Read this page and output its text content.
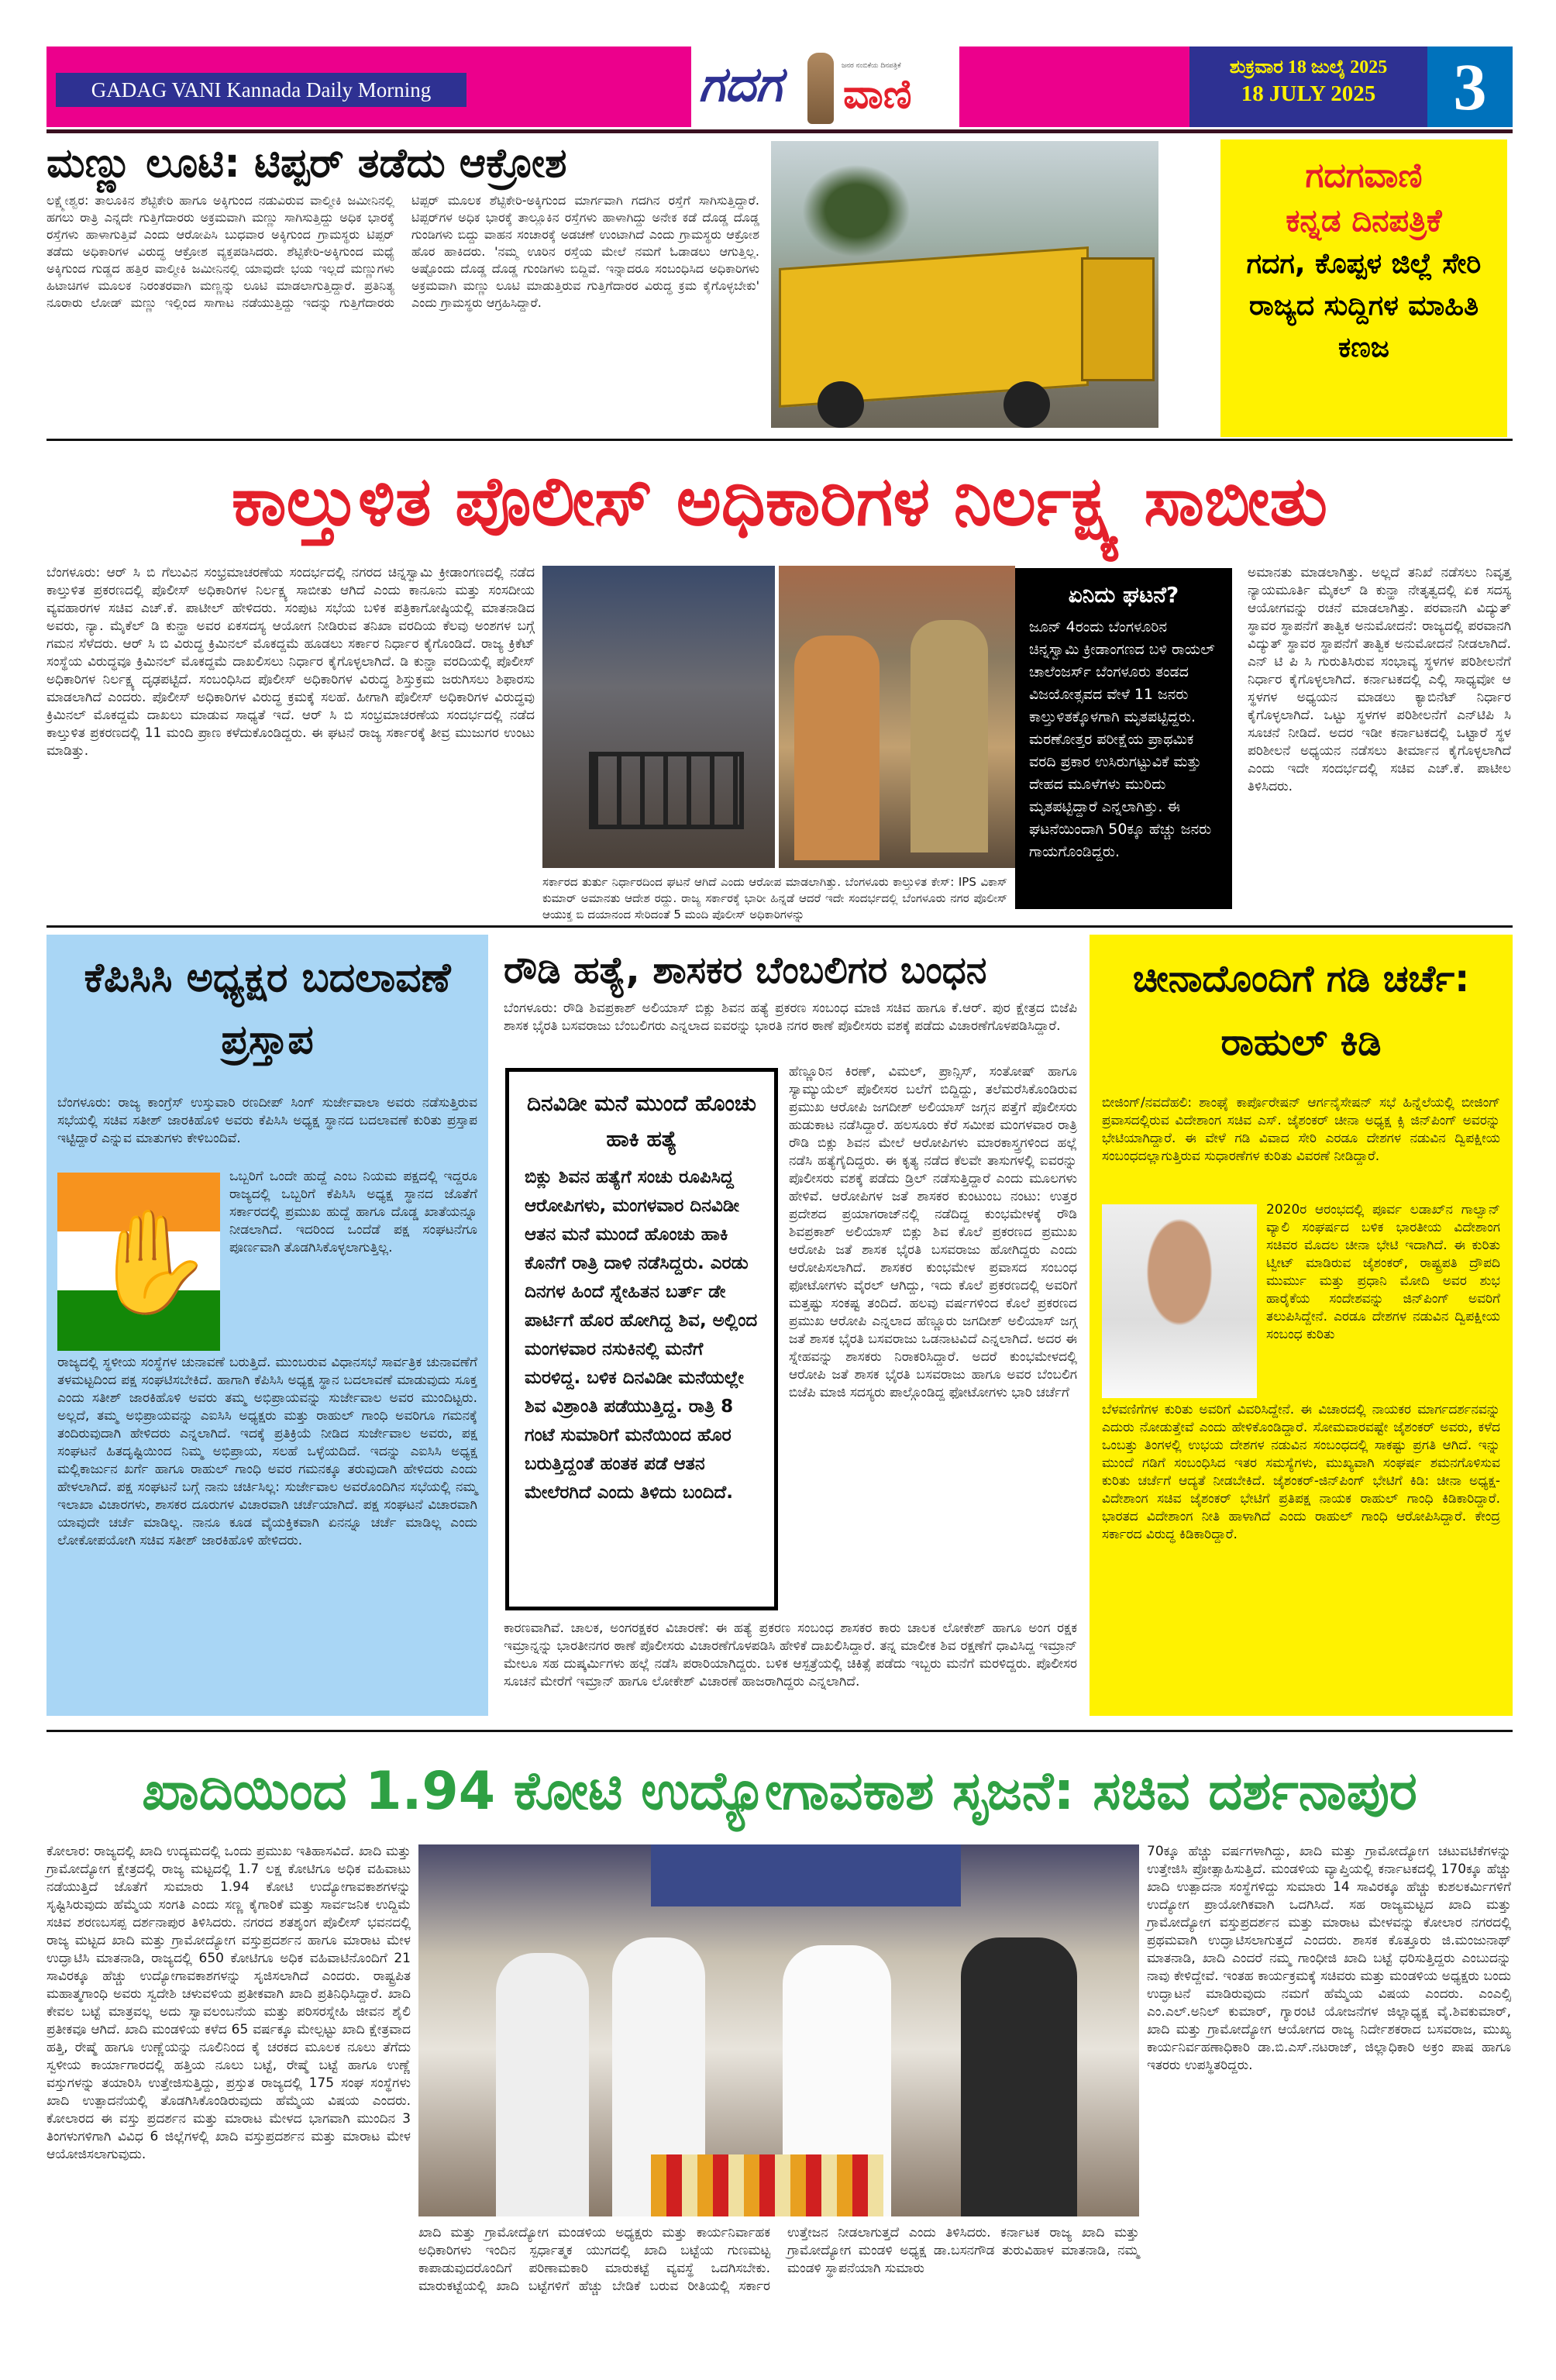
GADAG VANI Kannada Daily Morning	ಗದಗ	ಜನರ ನಂಬಿಕೆಯ ದಿನಪತ್ರಿಕೆ
ವಾಣಿ
ಶುಕ್ರವಾರ 18 ಜುಲೈ 2025
18 JULY 2025	3
ಮಣ್ಣು ಲೂಟಿ: ಟಿಪ್ಪರ್ ತಡೆದು ಆಕ್ರೋಶ
ಲಕ್ಷ್ಮೇಶ್ವರ: ತಾಲೂಕಿನ ಶೆಟ್ಟಿಕೇರಿ ಹಾಗೂ ಅಕ್ಕಿಗುಂದ ನಡುವಿರುವ ವಾಲ್ಮೀಕಿ ಜಮೀನಿನಲ್ಲಿ ಹಗಲು ರಾತ್ರಿ ಎನ್ನದೇ ಗುತ್ತಿಗೆದಾರರು ಅಕ್ರಮವಾಗಿ ಮಣ್ಣು ಸಾಗಿಸುತ್ತಿದ್ದು ಅಧಿಕ ಭಾರಕ್ಕೆ ರಸ್ತೆಗಳು ಹಾಳಾಗುತ್ತಿವೆ ಎಂದು ಆರೋಪಿಸಿ ಬುಧವಾರ ಅಕ್ಕಿಗುಂದ ಗ್ರಾಮಸ್ಥರು ಟಿಪ್ಪರ್ ತಡೆದು ಅಧಿಕಾರಿಗಳ ವಿರುದ್ಧ ಆಕ್ರೋಶ ವ್ಯಕ್ತಪಡಿಸಿದರು. ಶೆಟ್ಟಿಕೇರಿ-ಅಕ್ಕಿಗುಂದ ಮಧ್ಯೆ ಅಕ್ಕಿಗುಂದ ಗುಡ್ಡದ ಹತ್ತಿರ ವಾಲ್ಮೀಕಿ ಜಮೀನಿನಲ್ಲಿ ಯಾವುದೇ ಭಯ ಇಲ್ಲದೆ ಮಣ್ಣುಗಳು ಹಿಟಾಚಿಗಳ ಮೂಲಕ ನಿರಂತರವಾಗಿ ಮಣ್ಣನ್ನು ಲೂಟಿ ಮಾಡಲಾಗುತ್ತಿದ್ದಾರೆ. ಪ್ರತಿನಿತ್ಯ ನೂರಾರು ಲೋಡ್ ಮಣ್ಣು ಇಲ್ಲಿಂದ ಸಾಗಾಟ ನಡೆಯುತ್ತಿದ್ದು ಇದನ್ನು ಗುತ್ತಿಗೆದಾರರು ಟಿಪ್ಪರ್ ಮೂಲಕ ಶೆಟ್ಟಿಕೇರಿ-ಅಕ್ಕಿಗುಂದ ಮಾರ್ಗವಾಗಿ ಗದಗಿನ ರಸ್ತೆಗೆ ಸಾಗಿಸುತ್ತಿದ್ದಾರೆ. ಟಿಪ್ಪರ್‌ಗಳ ಅಧಿಕ ಭಾರಕ್ಕೆ ತಾಲ್ಲೂಕಿನ ರಸ್ತೆಗಳು ಹಾಳಾಗಿದ್ದು ಅನೇಕ ಕಡೆ ದೊಡ್ಡ ದೊಡ್ಡ ಗುಂಡಿಗಳು ಬಿದ್ದು ವಾಹನ ಸಂಚಾರಕ್ಕೆ ಅಡಚಣೆ ಉಂಟಾಗಿದೆ ಎಂದು ಗ್ರಾಮಸ್ಥರು ಆಕ್ರೋಶ ಹೊರ ಹಾಕಿದರು. 'ನಮ್ಮ ಊರಿನ ರಸ್ತೆಯ ಮೇಲೆ ನಮಗೆ ಓಡಾಡಲು ಆಗುತ್ತಿಲ್ಲ. ಅಷ್ಟೊಂದು ದೊಡ್ಡ ದೊಡ್ಡ ಗುಂಡಿಗಳು ಬಿದ್ದಿವೆ. ಇನ್ನಾದರೂ ಸಂಬಂಧಿಸಿದ ಅಧಿಕಾರಿಗಳು ಅಕ್ರಮವಾಗಿ ಮಣ್ಣು ಲೂಟಿ ಮಾಡುತ್ತಿರುವ ಗುತ್ತಿಗೆದಾರರ ವಿರುದ್ಧ ಕ್ರಮ ಕೈಗೊಳ್ಳಬೇಕು' ಎಂದು ಗ್ರಾಮಸ್ಥರು ಆಗ್ರಹಿಸಿದ್ದಾರೆ.
ಗದಗವಾಣಿ
ಕನ್ನಡ ದಿನಪತ್ರಿಕೆ
ಗದಗ, ಕೊಪ್ಪಳ ಜಿಲ್ಲೆ ಸೇರಿ ರಾಜ್ಯದ ಸುದ್ದಿಗಳ ಮಾಹಿತಿ ಕಣಜ
ಕಾಲ್ತುಳಿತ ಪೊಲೀಸ್ ಅಧಿಕಾರಿಗಳ ನಿರ್ಲಕ್ಷ್ಯ ಸಾಬೀತು
ಬೆಂಗಳೂರು: ಆರ್ ಸಿ ಬಿ ಗೆಲುವಿನ ಸಂಭ್ರಮಾಚರಣೆಯ ಸಂದರ್ಭದಲ್ಲಿ ನಗರದ ಚಿನ್ನಸ್ವಾಮಿ ಕ್ರೀಡಾಂಗಣದಲ್ಲಿ ನಡೆದ ಕಾಲ್ತುಳಿತ ಪ್ರಕರಣದಲ್ಲಿ ಪೊಲೀಸ್ ಅಧಿಕಾರಿಗಳ ನಿರ್ಲಕ್ಷ್ಯ ಸಾಬೀತು ಆಗಿದೆ ಎಂದು ಕಾನೂನು ಮತ್ತು ಸಂಸದೀಯ ವ್ಯವಹಾರಗಳ ಸಚಿವ ಎಚ್.ಕೆ. ಪಾಟೀಲ್ ಹೇಳಿದರು. ಸಂಪುಟ ಸಭೆಯ ಬಳಿಕ ಪತ್ರಿಕಾಗೋಷ್ಠಿಯಲ್ಲಿ ಮಾತನಾಡಿದ ಅವರು, ನ್ಯಾ. ಮೈಕೆಲ್ ಡಿ ಕುನ್ಹಾ ಅವರ ಏಕಸದಸ್ಯ ಆಯೋಗ ನೀಡಿರುವ ತನಿಖಾ ವರದಿಯ ಕೆಲವು ಅಂಶಗಳ ಬಗ್ಗೆ ಗಮನ ಸೆಳೆದರು. ಆರ್ ಸಿ ಬಿ ವಿರುದ್ಧ ಕ್ರಿಮಿನಲ್ ಮೊಕದ್ದಮೆ ಹೂಡಲು ಸರ್ಕಾರ ನಿರ್ಧಾರ ಕೈಗೊಂಡಿದೆ. ರಾಜ್ಯ ಕ್ರಿಕೆಟ್ ಸಂಸ್ಥೆಯ ವಿರುದ್ಧವೂ ಕ್ರಿಮಿನಲ್ ಮೊಕದ್ದಮೆ ದಾಖಲಿಸಲು ನಿರ್ಧಾರ ಕೈಗೊಳ್ಳಲಾಗಿದೆ. ಡಿ ಕುನ್ಹಾ ವರದಿಯಲ್ಲಿ ಪೊಲೀಸ್ ಅಧಿಕಾರಿಗಳ ನಿರ್ಲಕ್ಷ್ಯ ದೃಢಪಟ್ಟಿದೆ. ಸಂಬಂಧಿಸಿದ ಪೊಲೀಸ್ ಅಧಿಕಾರಿಗಳ ವಿರುದ್ಧ ಶಿಸ್ತುಕ್ರಮ ಜರುಗಿಸಲು ಶಿಫಾರಸು ಮಾಡಲಾಗಿದೆ ಎಂದರು. ಪೊಲೀಸ್ ಅಧಿಕಾರಿಗಳ ವಿರುದ್ಧ ಕ್ರಮಕ್ಕೆ ಸಲಹೆ. ಹೀಗಾಗಿ ಪೊಲೀಸ್ ಅಧಿಕಾರಿಗಳ ವಿರುದ್ಧವು ಕ್ರಿಮಿನಲ್ ಮೊಕದ್ದಮೆ ದಾಖಲು ಮಾಡುವ ಸಾಧ್ಯತೆ ಇದೆ. ಆರ್ ಸಿ ಬಿ ಸಂಭ್ರಮಾಚರಣೆಯ ಸಂದರ್ಭದಲ್ಲಿ ನಡೆದ ಕಾಲ್ತುಳಿತ ಪ್ರಕರಣದಲ್ಲಿ 11 ಮಂದಿ ಪ್ರಾಣ ಕಳೆದುಕೊಂಡಿದ್ದರು. ಈ ಘಟನೆ ರಾಜ್ಯ ಸರ್ಕಾರಕ್ಕೆ ತೀವ್ರ ಮುಜುಗರ ಉಂಟು ಮಾಡಿತ್ತು.
ಸರ್ಕಾರದ ತುರ್ತು ನಿರ್ಧಾರದಿಂದ ಘಟನೆ ಆಗಿದೆ ಎಂದು ಆರೋಪ ಮಾಡಲಾಗಿತ್ತು. ಬೆಂಗಳೂರು ಕಾಲ್ತುಳಿತ ಕೇಸ್: IPS ವಿಕಾಸ್ ಕುಮಾರ್ ಅಮಾನತು ಆದೇಶ ರದ್ದು. ರಾಜ್ಯ ಸರ್ಕಾರಕ್ಕೆ ಭಾರೀ ಹಿನ್ನಡೆ ಆದರೆ ಇದೇ ಸಂದರ್ಭದಲ್ಲಿ ಬೆಂಗಳೂರು ನಗರ ಪೊಲೀಸ್ ಆಯುಕ್ತ ಬಿ ದಯಾನಂದ ಸೇರಿದಂತೆ 5 ಮಂದಿ ಪೊಲೀಸ್ ಅಧಿಕಾರಿಗಳನ್ನು
ಏನಿದು ಘಟನೆ?
ಜೂನ್ 4ರಂದು ಬೆಂಗಳೂರಿನ ಚಿನ್ನಸ್ವಾಮಿ ಕ್ರೀಡಾಂಗಣದ ಬಳಿ ರಾಯಲ್ ಚಾಲೆಂಜರ್ಸ್ ಬೆಂಗಳೂರು ತಂಡದ ವಿಜಯೋತ್ಸವದ ವೇಳೆ 11 ಜನರು ಕಾಲ್ತುಳಿತಕ್ಕೊಳಗಾಗಿ ಮೃತಪಟ್ಟಿದ್ದರು. ಮರಣೋತ್ತರ ಪರೀಕ್ಷೆಯ ಪ್ರಾಥಮಿಕ ವರದಿ ಪ್ರಕಾರ ಉಸಿರುಗಟ್ಟುವಿಕೆ ಮತ್ತು ದೇಹದ ಮೂಳೆಗಳು ಮುರಿದು ಮೃತಪಟ್ಟಿದ್ದಾರೆ ಎನ್ನಲಾಗಿತ್ತು. ಈ ಘಟನೆಯಿಂದಾಗಿ 50ಕ್ಕೂ ಹೆಚ್ಚು ಜನರು ಗಾಯಗೊಂಡಿದ್ದರು.
ಅಮಾನತು ಮಾಡಲಾಗಿತ್ತು. ಅಲ್ಲದೆ ತನಿಖೆ ನಡೆಸಲು ನಿವೃತ್ತ ನ್ಯಾಯಮೂರ್ತಿ ಮೈಕಲ್ ಡಿ ಕುನ್ಹಾ ನೇತೃತ್ವದಲ್ಲಿ ಏಕ ಸದಸ್ಯ ಆಯೋಗವನ್ನು ರಚನೆ ಮಾಡಲಾಗಿತ್ತು. ಪರವಾನಗಿ ವಿದ್ಯುತ್ ಸ್ಥಾವರ ಸ್ಥಾಪನೆಗೆ ತಾತ್ವಿಕ ಅನುಮೋದನೆ: ರಾಜ್ಯದಲ್ಲಿ ಪರವಾನಗಿ ವಿದ್ಯುತ್ ಸ್ಥಾವರ ಸ್ಥಾಪನೆಗೆ ತಾತ್ವಿಕ ಅನುಮೋದನೆ ನೀಡಲಾಗಿದೆ. ಎನ್ ಟಿ ಪಿ ಸಿ ಗುರುತಿಸಿರುವ ಸಂಭಾವ್ಯ ಸ್ಥಳಗಳ ಪರಿಶೀಲನೆಗೆ ನಿರ್ಧಾರ ಕೈಗೊಳ್ಳಲಾಗಿದೆ. ಕರ್ನಾಟಕದಲ್ಲಿ ಎಲ್ಲಿ ಸಾಧ್ಯವೋ ಆ ಸ್ಥಳಗಳ ಅಧ್ಯಯನ ಮಾಡಲು ಕ್ಯಾಬಿನೆಟ್ ನಿರ್ಧಾರ ಕೈಗೊಳ್ಳಲಾಗಿದೆ. ಒಟ್ಟು ಸ್ಥಳಗಳ ಪರಿಶೀಲನೆಗೆ ಎನ್‌ಟಿಪಿ ಸಿ ಸೂಚನೆ ನೀಡಿದೆ. ಅದರ ಇಡೀ ಕರ್ನಾಟಕದಲ್ಲಿ ಒಟ್ಟಾರೆ ಸ್ಥಳ ಪರಿಶೀಲನೆ ಅಧ್ಯಯನ ನಡೆಸಲು ತೀರ್ಮಾನ ಕೈಗೊಳ್ಳಲಾಗಿದೆ ಎಂದು ಇದೇ ಸಂದರ್ಭದಲ್ಲಿ ಸಚಿವ ಎಚ್.ಕೆ. ಪಾಟೀಲ ತಿಳಿಸಿದರು.
ಕೆಪಿಸಿಸಿ ಅಧ್ಯಕ್ಷರ ಬದಲಾವಣೆ ಪ್ರಸ್ತಾಪ
ಬೆಂಗಳೂರು: ರಾಜ್ಯ ಕಾಂಗ್ರೆಸ್ ಉಸ್ತುವಾರಿ ರಣದೀಪ್ ಸಿಂಗ್ ಸುರ್ಜೇವಾಲಾ ಅವರು ನಡೆಸುತ್ತಿರುವ ಸಭೆಯಲ್ಲಿ ಸಚಿವ ಸತೀಶ್ ಜಾರಕಿಹೊಳಿ ಅವರು ಕೆಪಿಸಿಸಿ ಅಧ್ಯಕ್ಷ ಸ್ಥಾನದ ಬದಲಾವಣೆ ಕುರಿತು ಪ್ರಸ್ತಾಪ ಇಟ್ಟಿದ್ದಾರೆ ಎನ್ನುವ ಮಾತುಗಳು ಕೇಳಿಬಂದಿವೆ.
✋
ಒಬ್ಬರಿಗೆ ಒಂದೇ ಹುದ್ದೆ ಎಂಬ ನಿಯಮ ಪಕ್ಷದಲ್ಲಿ ಇದ್ದರೂ ರಾಜ್ಯದಲ್ಲಿ ಒಬ್ಬರಿಗೆ ಕೆಪಿಸಿಸಿ ಅಧ್ಯಕ್ಷ ಸ್ಥಾನದ ಜೊತೆಗೆ ಸರ್ಕಾರದಲ್ಲಿ ಪ್ರಮುಖ ಹುದ್ದೆ ಹಾಗೂ ದೊಡ್ಡ ಖಾತೆಯನ್ನೂ ನೀಡಲಾಗಿದೆ. ಇದರಿಂದ ಒಂದೆಡೆ ಪಕ್ಷ ಸಂಘಟನೆಗೂ ಪೂರ್ಣವಾಗಿ ತೊಡಗಿಸಿಕೊಳ್ಳಲಾಗುತ್ತಿಲ್ಲ.
ರಾಜ್ಯದಲ್ಲಿ ಸ್ಥಳೀಯ ಸಂಸ್ಥೆಗಳ ಚುನಾವಣೆ ಬರುತ್ತಿದೆ. ಮುಂಬರುವ ವಿಧಾನಸಭೆ ಸಾರ್ವತ್ರಿಕ ಚುನಾವಣೆಗೆ ತಳಮಟ್ಟದಿಂದ ಪಕ್ಷ ಸಂಘಟಿಸಬೇಕಿದೆ. ಹಾಗಾಗಿ ಕೆಪಿಸಿಸಿ ಅಧ್ಯಕ್ಷ ಸ್ಥಾನ ಬದಲಾವಣೆ ಮಾಡುವುದು ಸೂಕ್ತ ಎಂದು ಸತೀಶ್ ಜಾರಕಿಹೊಳಿ ಅವರು ತಮ್ಮ ಅಭಿಪ್ರಾಯವನ್ನು ಸುರ್ಜೇವಾಲ ಅವರ ಮುಂದಿಟ್ಟರು. ಅಲ್ಲದೆ, ತಮ್ಮ ಅಭಿಪ್ರಾಯವನ್ನು ಎಐಸಿಸಿ ಅಧ್ಯಕ್ಷರು ಮತ್ತು ರಾಹುಲ್ ಗಾಂಧಿ ಅವರಿಗೂ ಗಮನಕ್ಕೆ ತಂದಿರುವುದಾಗಿ ಹೇಳಿದರು ಎನ್ನಲಾಗಿದೆ. ಇದಕ್ಕೆ ಪ್ರತಿಕ್ರಿಯೆ ನೀಡಿದ ಸುರ್ಜೇವಾಲ ಅವರು, ಪಕ್ಷ ಸಂಘಟನೆ ಹಿತದೃಷ್ಟಿಯಿಂದ ನಿಮ್ಮ ಅಭಿಪ್ರಾಯ, ಸಲಹೆ ಒಳ್ಳೆಯದಿದೆ. ಇದನ್ನು ಎಐಸಿಸಿ ಅಧ್ಯಕ್ಷ ಮಲ್ಲಿಕಾರ್ಜುನ ಖರ್ಗೆ ಹಾಗೂ ರಾಹುಲ್ ಗಾಂಧಿ ಅವರ ಗಮನಕ್ಕೂ ತರುವುದಾಗಿ ಹೇಳಿದರು ಎಂದು ಹೇಳಲಾಗಿದೆ. ಪಕ್ಷ ಸಂಘಟನೆ ಬಗ್ಗೆ ನಾನು ಚರ್ಚಿಸಿಲ್ಲ: ಸುರ್ಜೇವಾಲ ಅವರೊಂದಿಗಿನ ಸಭೆಯಲ್ಲಿ ನಮ್ಮ ಇಲಾಖಾ ವಿಚಾರಗಳು, ಶಾಸಕರ ದೂರುಗಳ ವಿಚಾರವಾಗಿ ಚರ್ಚೆಯಾಗಿದೆ. ಪಕ್ಷ ಸಂಘಟನೆ ವಿಚಾರವಾಗಿ ಯಾವುದೇ ಚರ್ಚೆ ಮಾಡಿಲ್ಲ. ನಾನೂ ಕೂಡ ವೈಯಕ್ತಿಕವಾಗಿ ಏನನ್ನೂ ಚರ್ಚೆ ಮಾಡಿಲ್ಲ ಎಂದು ಲೋಕೋಪಯೋಗಿ ಸಚಿವ ಸತೀಶ್ ಜಾರಕಿಹೊಳಿ ಹೇಳಿದರು.
ರೌಡಿ ಹತ್ಯೆ, ಶಾಸಕರ ಬೆಂಬಲಿಗರ ಬಂಧನ
ಬೆಂಗಳೂರು: ರೌಡಿ ಶಿವಪ್ರಕಾಶ್ ಅಲಿಯಾಸ್ ಬಿಕ್ಲು ಶಿವನ ಹತ್ಯೆ ಪ್ರಕರಣ ಸಂಬಂಧ ಮಾಜಿ ಸಚಿವ ಹಾಗೂ ಕೆ.ಆರ್. ಪುರ ಕ್ಷೇತ್ರದ ಬಿಜೆಪಿ ಶಾಸಕ ಭೈರತಿ ಬಸವರಾಜು ಬೆಂಬಲಿಗರು ಎನ್ನಲಾದ ಐವರನ್ನು ಭಾರತಿ ನಗರ ಠಾಣೆ ಪೊಲೀಸರು ವಶಕ್ಕೆ ಪಡೆದು ವಿಚಾರಣೆಗೊಳಪಡಿಸಿದ್ದಾರೆ.
ದಿನವಿಡೀ ಮನೆ ಮುಂದೆ ಹೊಂಚು ಹಾಕಿ ಹತ್ಯೆ
ಬಿಕ್ಲು ಶಿವನ ಹತ್ಯೆಗೆ ಸಂಚು ರೂಪಿಸಿದ್ದ ಆರೋಪಿಗಳು, ಮಂಗಳವಾರ ದಿನವಿಡೀ ಆತನ ಮನೆ ಮುಂದೆ ಹೊಂಚು ಹಾಕಿ ಕೊನೆಗೆ ರಾತ್ರಿ ದಾಳಿ ನಡೆಸಿದ್ದರು. ಎರಡು ದಿನಗಳ ಹಿಂದೆ ಸ್ನೇಹಿತನ ಬರ್ತ್ ಡೇ ಪಾರ್ಟಿಗೆ ಹೊರ ಹೋಗಿದ್ದ ಶಿವ, ಅಲ್ಲಿಂದ ಮಂಗಳವಾರ ನಸುಕಿನಲ್ಲಿ ಮನೆಗೆ ಮರಳಿದ್ದ. ಬಳಿಕ ದಿನವಿಡೀ ಮನೆಯಲ್ಲೇ ಶಿವ ವಿಶ್ರಾಂತಿ ಪಡೆಯುತ್ತಿದ್ದ. ರಾತ್ರಿ 8 ಗಂಟೆ ಸುಮಾರಿಗೆ ಮನೆಯಿಂದ ಹೊರ ಬರುತ್ತಿದ್ದಂತೆ ಹಂತಕ ಪಡೆ ಆತನ ಮೇಲೆರಗಿದೆ ಎಂದು ತಿಳಿದು ಬಂದಿದೆ.
ಹೆಣ್ಣೂರಿನ ಕಿರಣ್, ವಿಮಲ್, ಪ್ರಾನ್ಸಿಸ್, ಸಂತೋಷ್ ಹಾಗೂ ಸ್ಯಾಮ್ಯುಯೆಲ್ ಪೊಲೀಸರ ಬಲೆಗೆ ಬಿದ್ದಿದ್ದು, ತಲೆಮರೆಸಿಕೊಂಡಿರುವ ಪ್ರಮುಖ ಆರೋಪಿ ಜಗದೀಶ್ ಅಲಿಯಾಸ್ ಜಗ್ಗನ ಪತ್ತೆಗೆ ಪೊಲೀಸರು ಹುಡುಕಾಟ ನಡೆಸಿದ್ದಾರೆ. ಹಲಸೂರು ಕೆರೆ ಸಮೀಪ ಮಂಗಳವಾರ ರಾತ್ರಿ ರೌಡಿ ಬಿಕ್ಲು ಶಿವನ ಮೇಲೆ ಆರೋಪಿಗಳು ಮಾರಕಾಸ್ತ್ರಗಳಿಂದ ಹಲ್ಲೆ ನಡೆಸಿ ಹತ್ಯೆಗೈದಿದ್ದರು. ಈ ಕೃತ್ಯ ನಡೆದ ಕೆಲವೇ ತಾಸುಗಳಲ್ಲಿ ಐವರನ್ನು ಪೊಲೀಸರು ವಶಕ್ಕೆ ಪಡೆದು ಡ್ರಿಲ್ ನಡೆಸುತ್ತಿದ್ದಾರೆ ಎಂದು ಮೂಲಗಳು ಹೇಳಿವೆ. ಆರೋಪಿಗಳ ಜತೆ ಶಾಸಕರ ಕುಂಟುಂಬ ನಂಟು: ಉತ್ತರ ಪ್ರದೇಶದ ಪ್ರಯಾಗರಾಜ್‌ನಲ್ಲಿ ನಡೆದಿದ್ದ ಕುಂಭಮೇಳಕ್ಕೆ ರೌಡಿ ಶಿವಪ್ರಕಾಶ್ ಅಲಿಯಾಸ್ ಬಿಕ್ಲು ಶಿವ ಕೊಲೆ ಪ್ರಕರಣದ ಪ್ರಮುಖ ಆರೋಪಿ ಜತೆ ಶಾಸಕ ಭೈರತಿ ಬಸವರಾಜು ಹೋಗಿದ್ದರು ಎಂದು ಆರೋಪಿಸಲಾಗಿದೆ. ಶಾಸಕರ ಕುಂಭಮೇಳ ಪ್ರವಾಸದ ಸಂಬಂಧ ಫೋಟೋಗಳು ವೈರಲ್ ಆಗಿದ್ದು, ಇದು ಕೊಲೆ ಪ್ರಕರಣದಲ್ಲಿ ಅವರಿಗೆ ಮತ್ತಷ್ಟು ಸಂಕಷ್ಟ ತಂದಿದೆ. ಹಲವು ವರ್ಷಗಳಿಂದ ಕೊಲೆ ಪ್ರಕರಣದ ಪ್ರಮುಖ ಆರೋಪಿ ಎನ್ನಲಾದ ಹೆಣ್ಣೂರು ಜಗದೀಶ್ ಅಲಿಯಾಸ್ ಜಗ್ಗ ಜತೆ ಶಾಸಕ ಭೈರತಿ ಬಸವರಾಜು ಒಡನಾಟವಿದೆ ಎನ್ನಲಾಗಿದೆ. ಅದರ ಈ ಸ್ನೇಹವನ್ನು ಶಾಸಕರು ನಿರಾಕರಿಸಿದ್ದಾರೆ. ಅದರೆ ಕುಂಭಮೇಳದಲ್ಲಿ ಆರೋಪಿ ಜತೆ ಶಾಸಕ ಭೈರತಿ ಬಸವರಾಜು ಹಾಗೂ ಅವರ ಬೆಂಬಲಿಗ ಬಿಜೆಪಿ ಮಾಜಿ ಸದಸ್ಯರು ಪಾಲ್ಗೊಂಡಿದ್ದ ಫೋಟೋಗಳು ಭಾರಿ ಚರ್ಚೆಗೆ
ಕಾರಣವಾಗಿವೆ. ಚಾಲಕ, ಅಂಗರಕ್ಷಕರ ವಿಚಾರಣೆ: ಈ ಹತ್ಯೆ ಪ್ರಕರಣ ಸಂಬಂಧ ಶಾಸಕರ ಕಾರು ಚಾಲಕ ಲೋಕೇಶ್ ಹಾಗೂ ಅಂಗ ರಕ್ಷಕ ಇಮ್ರಾನ್ನನ್ನು ಭಾರತೀನಗರ ಠಾಣೆ ಪೊಲೀಸರು ವಿಚಾರಣೆಗೊಳಪಡಿಸಿ ಹೇಳಿಕೆ ದಾಖಲಿಸಿದ್ದಾರೆ. ತನ್ನ ಮಾಲೀಕ ಶಿವ ರಕ್ಷಣೆಗೆ ಧಾವಿಸಿದ್ದ ಇಮ್ರಾನ್ ಮೇಲೂ ಸಹ ದುಷ್ಕರ್ಮಿಗಳು ಹಲ್ಲೆ ನಡೆಸಿ ಪರಾರಿಯಾಗಿದ್ದರು. ಬಳಿಕ ಆಸ್ಪತ್ರೆಯಲ್ಲಿ ಚಿಕಿತ್ಸೆ ಪಡೆದು ಇಬ್ಬರು ಮನೆಗೆ ಮರಳಿದ್ದರು. ಪೊಲೀಸರ ಸೂಚನೆ ಮೇರೆಗೆ ಇಮ್ರಾನ್ ಹಾಗೂ ಲೋಕೇಶ್ ವಿಚಾರಣೆ ಹಾಜರಾಗಿದ್ದರು ಎನ್ನಲಾಗಿದೆ.
ಚೀನಾದೊಂದಿಗೆ ಗಡಿ ಚರ್ಚೆ: ರಾಹುಲ್ ಕಿಡಿ
ಬೀಜಿಂಗ್/ನವದೆಹಲಿ: ಶಾಂಘೈ ಕಾರ್ಪೊರೇಷನ್ ಆರ್ಗನೈಸೇಷನ್ ಸಭೆ ಹಿನ್ನೆಲೆಯಲ್ಲಿ ಬೀಜಿಂಗ್ ಪ್ರವಾಸದಲ್ಲಿರುವ ವಿದೇಶಾಂಗ ಸಚಿವ ಎಸ್. ಜೈಶಂಕರ್ ಚೀನಾ ಅಧ್ಯಕ್ಷ ಕ್ಸಿ ಜಿನ್‌ಪಿಂಗ್ ಅವರನ್ನು ಭೇಟಿಯಾಗಿದ್ದಾರೆ. ಈ ವೇಳೆ ಗಡಿ ವಿವಾದ ಸೇರಿ ಎರಡೂ ದೇಶಗಳ ನಡುವಿನ ದ್ವಿಪಕ್ಷೀಯ ಸಂಬಂಧದಲ್ಲಾಗುತ್ತಿರುವ ಸುಧಾರಣೆಗಳ ಕುರಿತು ವಿವರಣೆ ನೀಡಿದ್ದಾರೆ.
2020ರ ಆರಂಭದಲ್ಲಿ ಪೂರ್ವ ಲಡಾಖ್‌ನ ಗಾಲ್ವಾನ್ ವ್ಯಾಲಿ ಸಂಘರ್ಷದ ಬಳಿಕ ಭಾರತೀಯ ವಿದೇಶಾಂಗ ಸಚಿವರ ಮೊದಲ ಚೀನಾ ಭೇಟಿ ಇದಾಗಿದೆ. ಈ ಕುರಿತು ಟ್ವೀಟ್ ಮಾಡಿರುವ ಜೈಶಂಕರ್, ರಾಷ್ಟ್ರಪತಿ ದ್ರೌಪದಿ ಮುರ್ಮು ಮತ್ತು ಪ್ರಧಾನಿ ಮೋದಿ ಅವರ ಶುಭ ಹಾರೈಕೆಯ ಸಂದೇಶವನ್ನು ಜಿನ್‌ಪಿಂಗ್ ಅವರಿಗೆ ತಲುಪಿಸಿದ್ದೇನೆ. ಎರಡೂ ದೇಶಗಳ ನಡುವಿನ ದ್ವಿಪಕ್ಷೀಯ ಸಂಬಂಧ ಕುರಿತು
ಬೆಳವಣಿಗೆಗಳ ಕುರಿತು ಅವರಿಗೆ ವಿವರಿಸಿದ್ದೇನೆ. ಈ ವಿಚಾರದಲ್ಲಿ ನಾಯಕರ ಮಾರ್ಗದರ್ಶನವನ್ನು ಎದುರು ನೋಡುತ್ತೇವೆ ಎಂದು ಹೇಳಿಕೊಂಡಿದ್ದಾರೆ. ಸೋಮವಾರವಷ್ಟೇ ಜೈಶಂಕರ್ ಅವರು, ಕಳೆದ ಒಂಬತ್ತು ತಿಂಗಳಲ್ಲಿ ಉಭಯ ದೇಶಗಳ ನಡುವಿನ ಸಂಬಂಧದಲ್ಲಿ ಸಾಕಷ್ಟು ಪ್ರಗತಿ ಆಗಿದೆ. ಇನ್ನು ಮುಂದೆ ಗಡಿಗೆ ಸಂಬಂಧಿಸಿದ ಇತರ ಸಮಸ್ಯೆಗಳು, ಮುಖ್ಯವಾಗಿ ಸಂಘರ್ಷ ಶಮನಗೊಳಿಸುವ ಕುರಿತು ಚರ್ಚೆಗೆ ಆದ್ಯತೆ ನೀಡಬೇಕಿದೆ. ಜೈಶಂಕರ್-ಜಿನ್‌ಪಿಂಗ್ ಭೇಟಿಗೆ ಕಿಡಿ: ಚೀನಾ ಅಧ್ಯಕ್ಷ-ವಿದೇಶಾಂಗ ಸಚಿವ ಜೈಶಂಕರ್ ಭೇಟಿಗೆ ಪ್ರತಿಪಕ್ಷ ನಾಯಕ ರಾಹುಲ್ ಗಾಂಧಿ ಕಿಡಿಕಾರಿದ್ದಾರೆ. ಭಾರತದ ವಿದೇಶಾಂಗ ನೀತಿ ಹಾಳಾಗಿದೆ ಎಂದು ರಾಹುಲ್ ಗಾಂಧಿ ಆರೋಪಿಸಿದ್ದಾರೆ. ಕೇಂದ್ರ ಸರ್ಕಾರದ ವಿರುದ್ಧ ಕಿಡಿಕಾರಿದ್ದಾರೆ.
ಖಾದಿಯಿಂದ 1.94 ಕೋಟಿ ಉದ್ಯೋಗಾವಕಾಶ ಸೃಜನೆ: ಸಚಿವ ದರ್ಶನಾಪುರ
ಕೋಲಾರ: ರಾಜ್ಯದಲ್ಲಿ ಖಾದಿ ಉದ್ಯಮದಲ್ಲಿ ಒಂದು ಪ್ರಮುಖ ಇತಿಹಾಸವಿದೆ. ಖಾದಿ ಮತ್ತು ಗ್ರಾಮೋದ್ಯೋಗ ಕ್ಷೇತ್ರದಲ್ಲಿ ರಾಜ್ಯ ಮಟ್ಟದಲ್ಲಿ 1.7 ಲಕ್ಷ ಕೋಟಿಗೂ ಅಧಿಕ ವಹಿವಾಟು ನಡೆಯುತ್ತಿದೆ ಜೊತೆಗೆ ಸುಮಾರು 1.94 ಕೋಟಿ ಉದ್ಯೋಗಾವಕಾಶಗಳನ್ನು ಸೃಷ್ಟಿಸಿರುವುದು ಹೆಮ್ಮೆಯ ಸಂಗತಿ ಎಂದು ಸಣ್ಣ ಕೈಗಾರಿಕೆ ಮತ್ತು ಸಾರ್ವಜನಿಕ ಉದ್ದಿಮೆ ಸಚಿವ ಶರಣಬಸಪ್ಪ ದರ್ಶನಾಪುರ ತಿಳಿಸಿದರು. ನಗರದ ಶತಶೃಂಗ ಪೊಲೀಸ್ ಭವನದಲ್ಲಿ ರಾಜ್ಯ ಮಟ್ಟದ ಖಾದಿ ಮತ್ತು ಗ್ರಾಮೋದ್ಯೋಗ ವಸ್ತುಪ್ರದರ್ಶನ ಹಾಗೂ ಮಾರಾಟ ಮೇಳ ಉದ್ಘಾಟಿಸಿ ಮಾತನಾಡಿ, ರಾಜ್ಯದಲ್ಲಿ 650 ಕೋಟಿಗೂ ಅಧಿಕ ವಹಿವಾಟಿನೊಂದಿಗೆ 21 ಸಾವಿರಕ್ಕೂ ಹೆಚ್ಚು ಉದ್ಯೋಗಾವಕಾಶಗಳನ್ನು ಸೃಜಿಸಲಾಗಿದೆ ಎಂದರು. ರಾಷ್ಟ್ರಪಿತ ಮಹಾತ್ಮಗಾಂಧಿ ಅವರು ಸ್ವದೇಶಿ ಚಳುವಳಿಯ ಪ್ರತೀಕವಾಗಿ ಖಾದಿ ಪ್ರತಿನಿಧಿಸಿದ್ದಾರೆ. ಖಾದಿ ಕೇವಲ ಬಟ್ಟೆ ಮಾತ್ರವಲ್ಲ ಅದು ಸ್ವಾವಲಂಬನೆಯ ಮತ್ತು ಪರಿಸರಸ್ನೇಹಿ ಜೀವನ ಶೈಲಿ ಪ್ರತೀಕವೂ ಆಗಿದೆ. ಖಾದಿ ಮಂಡಳಿಯ ಕಳೆದ 65 ವರ್ಷಕ್ಕೂ ಮೇಲ್ಪಟ್ಟು ಖಾದಿ ಕ್ಷೇತ್ರವಾದ ಹತ್ತಿ, ರೇಷ್ಮೆ ಹಾಗೂ ಉಣ್ಣೆಯನ್ನು ನೂಲಿನಿಂದ ಕೈ ಚರಕದ ಮೂಲಕ ನೂಲು ತೆಗೆದು ಸ್ವಳೀಯ ಕಾರ್ಯಾಗಾರದಲ್ಲಿ ಹತ್ತಿಯ ನೂಲು ಬಟ್ಟೆ, ರೇಷ್ಮೆ ಬಟ್ಟೆ ಹಾಗೂ ಉಣ್ಣೆ ವಸ್ತುಗಳನ್ನು ತಯಾರಿಸಿ ಉತ್ತೇಜಿಸುತ್ತಿದ್ದು, ಪ್ರಸ್ತುತ ರಾಜ್ಯದಲ್ಲಿ 175 ಸಂಘ ಸಂಸ್ಥೆಗಳು ಖಾದಿ ಉತ್ಪಾದನೆಯಲ್ಲಿ ತೊಡಗಿಸಿಕೊಂಡಿರುವುದು ಹೆಮ್ಮೆಯ ವಿಷಯ ಎಂದರು. ಕೋಲಾರದ ಈ ವಸ್ತು ಪ್ರದರ್ಶನ ಮತ್ತು ಮಾರಾಟ ಮೇಳದ ಭಾಗವಾಗಿ ಮುಂದಿನ 3 ತಿಂಗಳುಗಳಿಗಾಗಿ ವಿವಿಧ 6 ಜಿಲ್ಲೆಗಳಲ್ಲಿ ಖಾದಿ ವಸ್ತುಪ್ರದರ್ಶನ ಮತ್ತು ಮಾರಾಟ ಮೇಳ ಆಯೋಜಿಸಲಾಗುವುದು.
ಖಾದಿ ಮತ್ತು ಗ್ರಾಮೋದ್ಯೋಗ ಮಂಡಳಿಯ ಅಧ್ಯಕ್ಷರು ಮತ್ತು ಕಾರ್ಯನಿರ್ವಾಹಕ ಅಧಿಕಾರಿಗಳು ಇಂದಿನ ಸ್ಪರ್ಧಾತ್ಮಕ ಯುಗದಲ್ಲಿ ಖಾದಿ ಬಟ್ಟೆಯ ಗುಣಮಟ್ಟ ಕಾಪಾಡುವುದರೊಂದಿಗೆ ಪರಿಣಾಮಕಾರಿ ಮಾರುಕಟ್ಟೆ ವ್ಯವಸ್ಥೆ ಒದಗಿಸಬೇಕು. ಮಾರುಕಟ್ಟೆಯಲ್ಲಿ ಖಾದಿ ಬಟ್ಟೆಗಳಿಗೆ ಹೆಚ್ಚು ಬೇಡಿಕೆ ಬರುವ ರೀತಿಯಲ್ಲಿ ಸರ್ಕಾರ ಉತ್ತೇಜನ ನೀಡಲಾಗುತ್ತದೆ ಎಂದು ತಿಳಿಸಿದರು. ಕರ್ನಾಟಕ ರಾಜ್ಯ ಖಾದಿ ಮತ್ತು ಗ್ರಾಮೋದ್ಯೋಗ ಮಂಡಳಿ ಅಧ್ಯಕ್ಷ ಡಾ.ಬಸನಗೌಡ ತುರುವಿಹಾಳ ಮಾತನಾಡಿ, ನಮ್ಮ ಮಂಡಳಿ ಸ್ಥಾಪನೆಯಾಗಿ ಸುಮಾರು
70ಕ್ಕೂ ಹೆಚ್ಚು ವರ್ಷಗಳಾಗಿದ್ದು, ಖಾದಿ ಮತ್ತು ಗ್ರಾಮೋದ್ಯೋಗ ಚಟುವಟಿಕೆಗಳನ್ನು ಉತ್ತೇಜಿಸಿ ಪ್ರೋತ್ಸಾಹಿಸುತ್ತಿದೆ. ಮಂಡಳಿಯ ವ್ಯಾಪ್ತಿಯಲ್ಲಿ ಕರ್ನಾಟಕದಲ್ಲಿ 170ಕ್ಕೂ ಹೆಚ್ಚು ಖಾದಿ ಉತ್ಪಾದನಾ ಸಂಸ್ಥೆಗಳಿದ್ದು ಸುಮಾರು 14 ಸಾವಿರಕ್ಕೂ ಹೆಚ್ಚು ಕುಶಲಕರ್ಮಿಗಳಿಗೆ ಉದ್ಯೋಗ ಪ್ರಾಯೋಗಿಕವಾಗಿ ಒದಗಿಸಿದೆ. ಸಹ ರಾಜ್ಯಮಟ್ಟದ ಖಾದಿ ಮತ್ತು ಗ್ರಾಮೋದ್ಯೋಗ ವಸ್ತುಪ್ರದರ್ಶನ ಮತ್ತು ಮಾರಾಟ ಮೇಳವನ್ನು ಕೋಲಾರ ನಗರದಲ್ಲಿ ಪ್ರಥಮವಾಗಿ ಉದ್ಘಾಟಿಸಲಾಗುತ್ತದೆ ಎಂದರು. ಶಾಸಕ ಕೊತ್ತೂರು ಜಿ.ಮಂಜುನಾಥ್ ಮಾತನಾಡಿ, ಖಾದಿ ಎಂದರೆ ನಮ್ಮ ಗಾಂಧೀಜಿ ಖಾದಿ ಬಟ್ಟೆ ಧರಿಸುತ್ತಿದ್ದರು ಎಂಬುದನ್ನು ನಾವು ಕೇಳಿದ್ದೇವೆ. ಇಂತಹ ಕಾರ್ಯಕ್ರಮಕ್ಕೆ ಸಚಿವರು ಮತ್ತು ಮಂಡಳಿಯ ಅಧ್ಯಕ್ಷರು ಬಂದು ಉದ್ಘಾಟನೆ ಮಾಡಿರುವುದು ನಮಗೆ ಹೆಮ್ಮೆಯ ವಿಷಯ ಎಂದರು. ಎಂಎಲ್ಸಿ ಎಂ.ಎಲ್.ಅನಿಲ್ ಕುಮಾರ್, ಗ್ಯಾರಂಟಿ ಯೋಜನೆಗಳ ಜಿಲ್ಲಾಧ್ಯಕ್ಷ ವೈ.ಶಿವಕುಮಾರ್, ಖಾದಿ ಮತ್ತು ಗ್ರಾಮೋದ್ಯೋಗ ಆಯೋಗದ ರಾಜ್ಯ ನಿರ್ದೇಶಕರಾದ ಬಸವರಾಜ, ಮುಖ್ಯ ಕಾರ್ಯನಿರ್ವಹಣಾಧಿಕಾರಿ ಡಾ.ಬಿ.ಎಸ್.ನಟರಾಜ್, ಜಿಲ್ಲಾಧಿಕಾರಿ ಅಕ್ರಂ ಪಾಷ ಹಾಗೂ ಇತರರು ಉಪಸ್ಥಿತರಿದ್ದರು.
